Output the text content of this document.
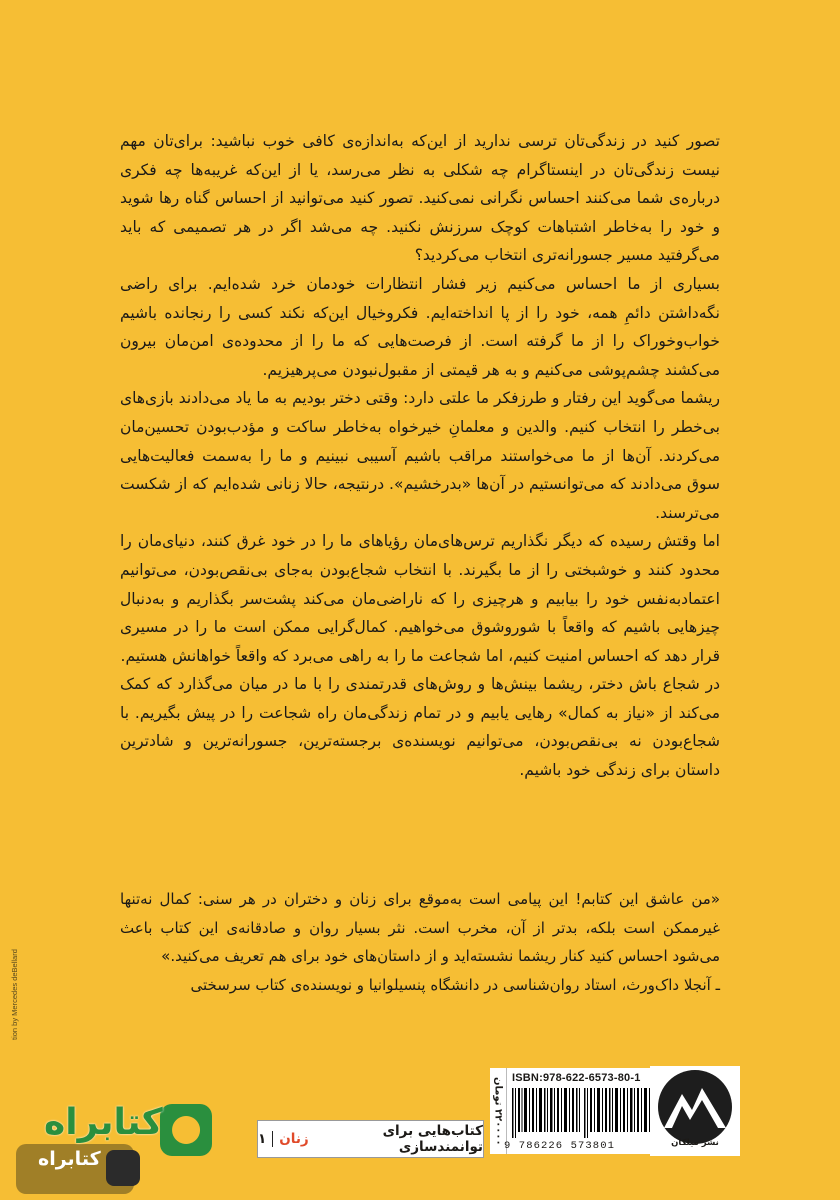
تصور کنید در زندگی‌تان ترسی ندارید از این‌که به‌اندازه‌ی کافی خوب نباشید: برای‌تان مهم نیست زندگی‌تان در اینستاگرام چه شکلی به نظر می‌رسد، یا از این‌که غریبه‌ها چه فکری درباره‌ی شما می‌کنند احساس نگرانی نمی‌کنید. تصور کنید می‌توانید از احساس گناه رها شوید و خود را به‌خاطر اشتباهات کوچک سرزنش نکنید. چه می‌شد اگر در هر تصمیمی که باید می‌گرفتید مسیر جسورانه‌تری انتخاب می‌کردید؟

بسیاری از ما احساس می‌کنیم زیر فشار انتظارات خودمان خرد شده‌ایم. برای راضی نگه‌داشتن دائمِ همه، خود را از پا انداخته‌ایم. فکروخیال این‌که نکند کسی را رنجانده باشیم خواب‌وخوراک را از ما گرفته است. از فرصت‌هایی که ما را از محدوده‌ی امن‌مان بیرون می‌کشند چشم‌پوشی می‌کنیم و به هر قیمتی از مقبول‌نبودن می‌پرهیزیم.

ریشما می‌گوید این رفتار و طرزفکر ما علتی دارد: وقتی دختر بودیم به ما یاد می‌دادند بازی‌های بی‌خطر را انتخاب کنیم. والدین و معلمانِ خیرخواه به‌خاطر ساکت و مؤدب‌بودن تحسین‌مان می‌کردند. آن‌ها از ما می‌خواستند مراقب باشیم آسیبی نبینیم و ما را به‌سمت فعالیت‌هایی سوق می‌دادند که می‌توانستیم در آن‌ها «بدرخشیم». درنتیجه، حالا زنانی شده‌ایم که از شکست می‌ترسند.

اما وقتش رسیده که دیگر نگذاریم ترس‌های‌مان رؤیاهای ما را در خود غرق کنند، دنیای‌مان را محدود کنند و خوشبختی را از ما بگیرند. با انتخاب شجاع‌بودن به‌جای بی‌نقص‌بودن، می‌توانیم اعتمادبه‌نفس خود را بیابیم و هرچیزی را که ناراضی‌مان می‌کند پشت‌سر بگذاریم و به‌دنبال چیزهایی باشیم که واقعاً با شوروشوق می‌خواهیم. کمال‌گرایی ممکن است ما را در مسیری قرار دهد که احساس امنیت کنیم، اما شجاعت ما را به راهی می‌برد که واقعاً خواهانش هستیم.

در شجاع باش دختر، ریشما بینش‌ها و روش‌های قدرتمندی را با ما در میان می‌گذارد که کمک می‌کند از «نیاز به کمال» رهایی یابیم و در تمام زندگی‌مان راه شجاعت را در پیش بگیریم. با شجاع‌بودن نه بی‌نقص‌بودن، می‌توانیم نویسنده‌ی برجسته‌ترین، جسورانه‌ترین و شادترین داستان برای زندگی خود باشیم.

«من عاشق این کتابم! این پیامی است به‌موقع برای زنان و دختران در هر سنی: کمال نه‌تنها غیرممکن است بلکه، بدتر از آن، مخرب است. نثر بسیار روان و صادقانه‌ی این کتاب باعث می‌شود احساس کنید کنار ریشما نشسته‌اید و از داستان‌های خود برای هم تعریف می‌کنید.»

ـ آنجلا داک‌ورث، استاد روان‌شناسی در دانشگاه پنسیلوانیا و نویسنده‌ی کتاب سرسختی

tion by Mercedes deBellard
کتاب‌هایی برای توانمندسازی
زنان
۱
۲۲۰۰۰۰ تومان
ISBN:978-622-6573-80-1
9 786226 573801	نشر میلکان
کتابراه
کتابراه
